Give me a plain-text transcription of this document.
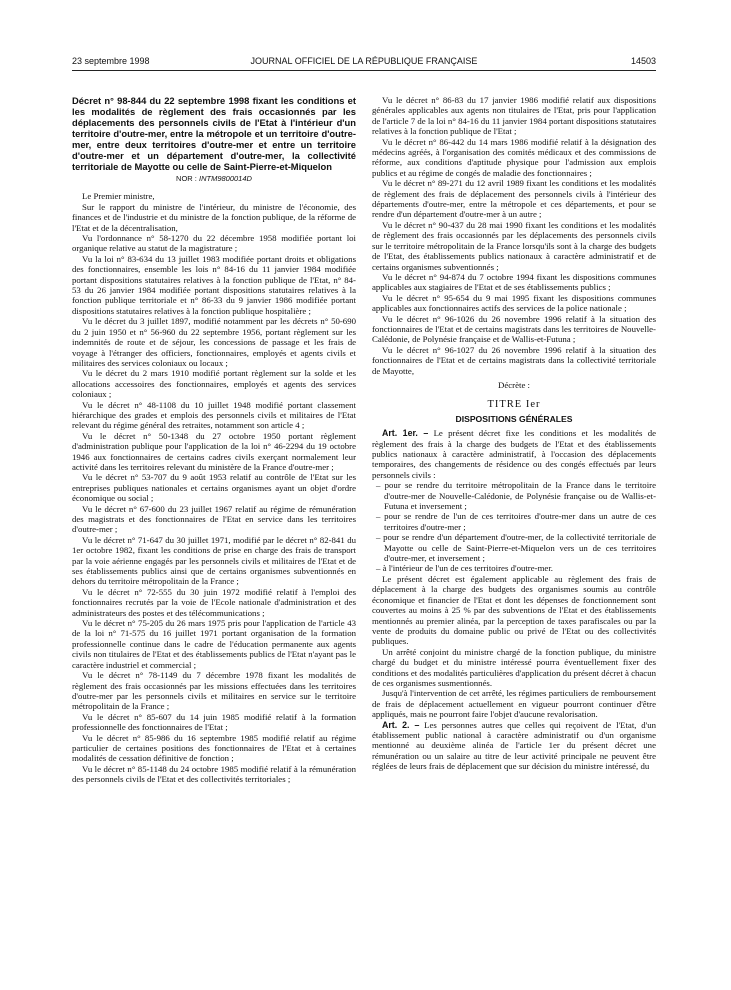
23 septembre 1998	JOURNAL OFFICIEL DE LA RÉPUBLIQUE FRANÇAISE	14503

Décret n° 98-844 du 22 septembre 1998 fixant les conditions et les modalités de règlement des frais occasionnés par les déplacements des personnels civils de l'Etat à l'intérieur d'un territoire d'outre-mer, entre la métropole et un territoire d'outre-mer, entre deux territoires d'outre-mer et entre un territoire d'outre-mer et un département d'outre-mer, la collectivité territoriale de Mayotte ou celle de Saint-Pierre-et-Miquelon

NOR : INTM9800014D

Le Premier ministre,

Sur le rapport du ministre de l'intérieur, du ministre de l'économie, des finances et de l'industrie et du ministre de la fonction publique, de la réforme de l'Etat et de la décentralisation,

Vu l'ordonnance n° 58-1270 du 22 décembre 1958 modifiée portant loi organique relative au statut de la magistrature ;

Vu la loi n° 83-634 du 13 juillet 1983 modifiée portant droits et obligations des fonctionnaires, ensemble les lois n° 84-16 du 11 janvier 1984 modifiée portant dispositions statutaires relatives à la fonction publique de l'Etat, n° 84-53 du 26 janvier 1984 modifiée portant dispositions statutaires relatives à la fonction publique territoriale et n° 86-33 du 9 janvier 1986 modifiée portant dispositions statutaires relatives à la fonction publique hospitalière ;

Vu le décret du 3 juillet 1897, modifié notamment par les décrets n° 50-690 du 2 juin 1950 et n° 56-960 du 22 septembre 1956, portant règlement sur les indemnités de route et de séjour, les concessions de passage et les frais de voyage à l'étranger des officiers, fonctionnaires, employés et agents civils et militaires des services coloniaux ou locaux ;

Vu le décret du 2 mars 1910 modifié portant règlement sur la solde et les allocations accessoires des fonctionnaires, employés et agents des services coloniaux ;

Vu le décret n° 48-1108 du 10 juillet 1948 modifié portant classement hiérarchique des grades et emplois des personnels civils et militaires de l'Etat relevant du régime général des retraites, notamment son article 4 ;

Vu le décret n° 50-1348 du 27 octobre 1950 portant règlement d'administration publique pour l'application de la loi n° 46-2294 du 19 octobre 1946 aux fonctionnaires de certains cadres civils exerçant normalement leur activité dans les territoires relevant du ministère de la France d'outre-mer ;

Vu le décret n° 53-707 du 9 août 1953 relatif au contrôle de l'Etat sur les entreprises publiques nationales et certains organismes ayant un objet d'ordre économique ou social ;

Vu le décret n° 67-600 du 23 juillet 1967 relatif au régime de rémunération des magistrats et des fonctionnaires de l'Etat en service dans les territoires d'outre-mer ;

Vu le décret n° 71-647 du 30 juillet 1971, modifié par le décret n° 82-841 du 1er octobre 1982, fixant les conditions de prise en charge des frais de transport par la voie aérienne engagés par les personnels civils et militaires de l'Etat et de ses établissements publics ainsi que de certains organismes subventionnés en dehors du territoire métropolitain de la France ;

Vu le décret n° 72-555 du 30 juin 1972 modifié relatif à l'emploi des fonctionnaires recrutés par la voie de l'Ecole nationale d'administration et des administrateurs des postes et des télécommunications ;

Vu le décret n° 75-205 du 26 mars 1975 pris pour l'application de l'article 43 de la loi n° 71-575 du 16 juillet 1971 portant organisation de la formation professionnelle continue dans le cadre de l'éducation permanente aux agents civils non titulaires de l'Etat et des établissements publics de l'Etat n'ayant pas le caractère industriel et commercial ;

Vu le décret n° 78-1149 du 7 décembre 1978 fixant les modalités de règlement des frais occasionnés par les missions effectuées dans les territoires d'outre-mer par les personnels civils et militaires en service sur le territoire métropolitain de la France ;

Vu le décret n° 85-607 du 14 juin 1985 modifié relatif à la formation professionnelle des fonctionnaires de l'Etat ;

Vu le décret n° 85-986 du 16 septembre 1985 modifié relatif au régime particulier de certaines positions des fonctionnaires de l'Etat et à certaines modalités de cessation définitive de fonction ;

Vu le décret n° 85-1148 du 24 octobre 1985 modifié relatif à la rémunération des personnels civils de l'Etat et des collectivités territoriales ;

Vu le décret n° 86-83 du 17 janvier 1986 modifié relatif aux dispositions générales applicables aux agents non titulaires de l'Etat, pris pour l'application de l'article 7 de la loi n° 84-16 du 11 janvier 1984 portant dispositions statutaires relatives à la fonction publique de l'Etat ;

Vu le décret n° 86-442 du 14 mars 1986 modifié relatif à la désignation des médecins agréés, à l'organisation des comités médicaux et des commissions de réforme, aux conditions d'aptitude physique pour l'admission aux emplois publics et au régime de congés de maladie des fonctionnaires ;

Vu le décret n° 89-271 du 12 avril 1989 fixant les conditions et les modalités de règlement des frais de déplacement des personnels civils à l'intérieur des départements d'outre-mer, entre la métropole et ces départements, et pour se rendre d'un département d'outre-mer à un autre ;

Vu le décret n° 90-437 du 28 mai 1990 fixant les conditions et les modalités de règlement des frais occasionnés par les déplacements des personnels civils sur le territoire métropolitain de la France lorsqu'ils sont à la charge des budgets de l'Etat, des établissements publics nationaux à caractère administratif et de certains organismes subventionnés ;

Vu le décret n° 94-874 du 7 octobre 1994 fixant les dispositions communes applicables aux stagiaires de l'Etat et de ses établissements publics ;

Vu le décret n° 95-654 du 9 mai 1995 fixant les dispositions communes applicables aux fonctionnaires actifs des services de la police nationale ;

Vu le décret n° 96-1026 du 26 novembre 1996 relatif à la situation des fonctionnaires de l'Etat et de certains magistrats dans les territoires de Nouvelle-Calédonie, de Polynésie française et de Wallis-et-Futuna ;

Vu le décret n° 96-1027 du 26 novembre 1996 relatif à la situation des fonctionnaires de l'Etat et de certains magistrats dans la collectivité territoriale de Mayotte,

Décrète :

TITRE Ier

DISPOSITIONS GÉNÉRALES

Art. 1er. – Le présent décret fixe les conditions et les modalités de règlement des frais à la charge des budgets de l'Etat et des établissements publics nationaux à caractère administratif, à l'occasion des déplacements temporaires, des changements de résidence ou des congés effectués par leurs personnels civils :

– pour se rendre du territoire métropolitain de la France dans le territoire d'outre-mer de Nouvelle-Calédonie, de Polynésie française ou de Wallis-et-Futuna et inversement ;

– pour se rendre de l'un de ces territoires d'outre-mer dans un autre de ces territoires d'outre-mer ;

– pour se rendre d'un département d'outre-mer, de la collectivité territoriale de Mayotte ou celle de Saint-Pierre-et-Miquelon vers un de ces territoires d'outre-mer, et inversement ;

– à l'intérieur de l'un de ces territoires d'outre-mer.

Le présent décret est également applicable au règlement des frais de déplacement à la charge des budgets des organismes soumis au contrôle économique et financier de l'Etat et dont les dépenses de fonctionnement sont couvertes au moins à 25 % par des subventions de l'Etat et des établissements mentionnés au premier alinéa, par la perception de taxes parafiscales ou par la vente de produits du domaine public ou privé de l'Etat ou des collectivités publiques.

Un arrêté conjoint du ministre chargé de la fonction publique, du ministre chargé du budget et du ministre intéressé pourra éventuellement fixer des conditions et des modalités particulières d'application du présent décret à chacun de ces organismes susmentionnés.

Jusqu'à l'intervention de cet arrêté, les régimes particuliers de remboursement de frais de déplacement actuellement en vigueur pourront continuer d'être appliqués, mais ne pourront faire l'objet d'aucune revalorisation.

Art. 2. – Les personnes autres que celles qui reçoivent de l'Etat, d'un établissement public national à caractère administratif ou d'un organisme mentionné au deuxième alinéa de l'article 1er du présent décret une rémunération ou un salaire au titre de leur activité principale ne peuvent être réglées de leurs frais de déplacement que sur décision du ministre intéressé, du
